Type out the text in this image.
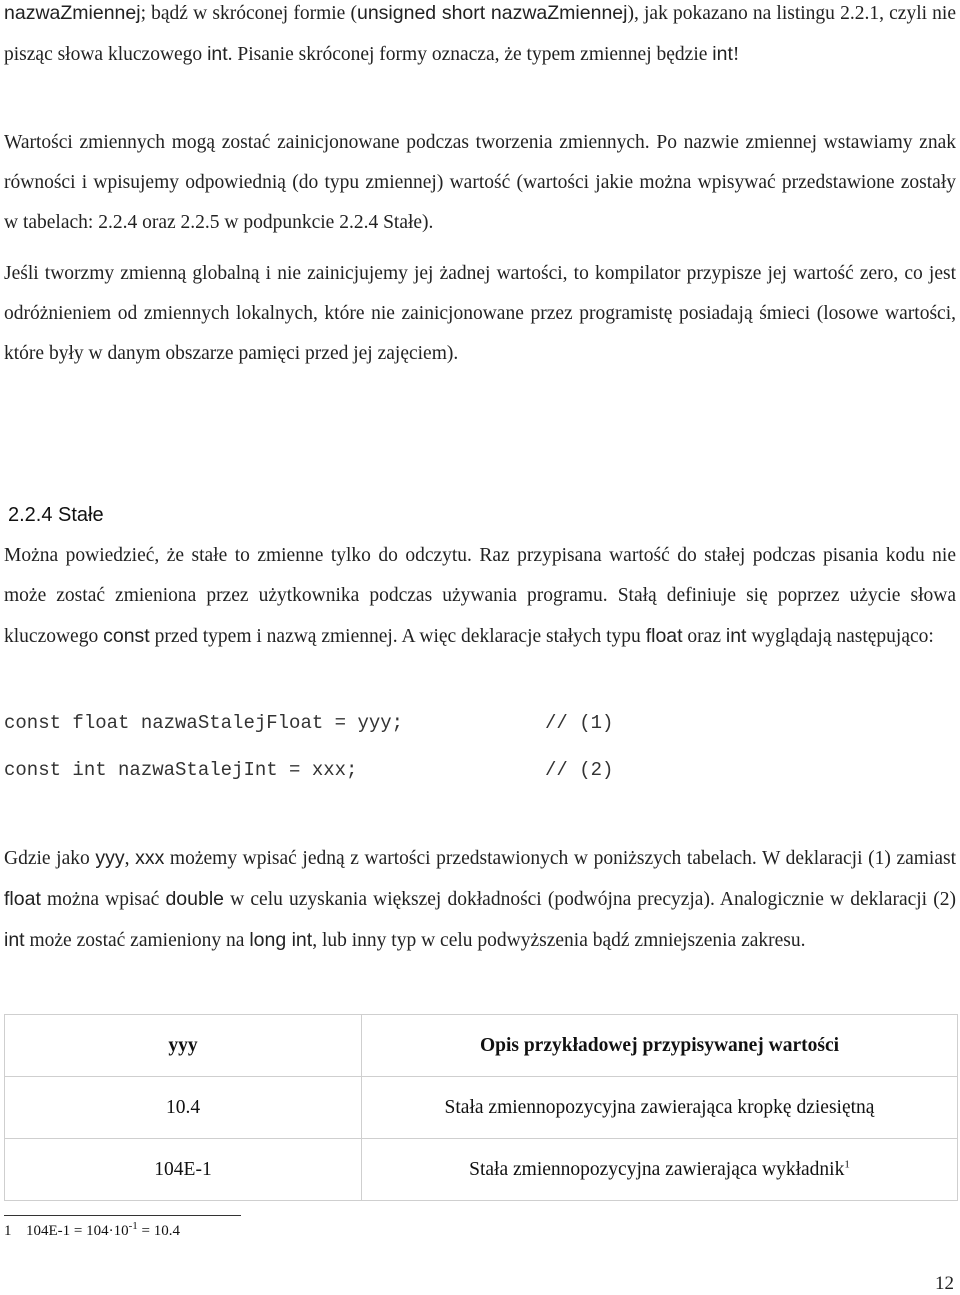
nazwaZmiennej; bądź w skróconej formie (unsigned short nazwaZmiennej), jak pokazano na listingu 2.2.1, czyli nie pisząc słowa kluczowego int. Pisanie skróconej formy oznacza, że typem zmiennej będzie int!

Wartości zmiennych mogą zostać zainicjonowane podczas tworzenia zmiennych. Po nazwie zmiennej wstawiamy znak równości i wpisujemy odpowiednią (do typu zmiennej) wartość (wartości jakie można wpisywać przedstawione zostały w tabelach: 2.2.4 oraz 2.2.5 w podpunkcie 2.2.4 Stałe).

Jeśli tworzmy zmienną globalną i nie zainicjujemy jej żadnej wartości, to kompilator przypisze jej wartość zero, co jest odróżnieniem od zmiennych lokalnych, które nie zainicjonowane przez programistę posiadają śmieci (losowe wartości, które były w danym obszarze pamięci przed jej zajęciem).

2.2.4 Stałe

Można powiedzieć, że stałe to zmienne tylko do odczytu. Raz przypisana wartość do stałej podczas pisania kodu nie może zostać zmieniona przez użytkownika podczas używania programu. Stałą definiuje się poprzez użycie słowa kluczowego const przed typem i nazwą zmiennej. A więc deklaracje stałych typu float oraz int wyglądają następująco:

const float nazwaStalejFloat = yyy;	// (1)
const int nazwaStalejInt = xxx;	// (2)

Gdzie jako yyy, xxx możemy wpisać jedną z wartości przedstawionych w poniższych tabelach. W deklaracji (1) zamiast float można wpisać double w celu uzyskania większej dokładności (podwójna precyzja). Analogicznie w deklaracji (2) int może zostać zamieniony na long int, lub inny typ w celu podwyższenia bądź zmniejszenia zakresu.

yyy	Opis przykładowej przypisywanej wartości
10.4	Stała zmiennopozycyjna zawierająca kropkę dziesiętną
104E-1	Stała zmiennopozycyjna zawierająca wykładnik$^1$
1 $104E-1 = 104\cdot 10^{-1} = 10.4$
12
